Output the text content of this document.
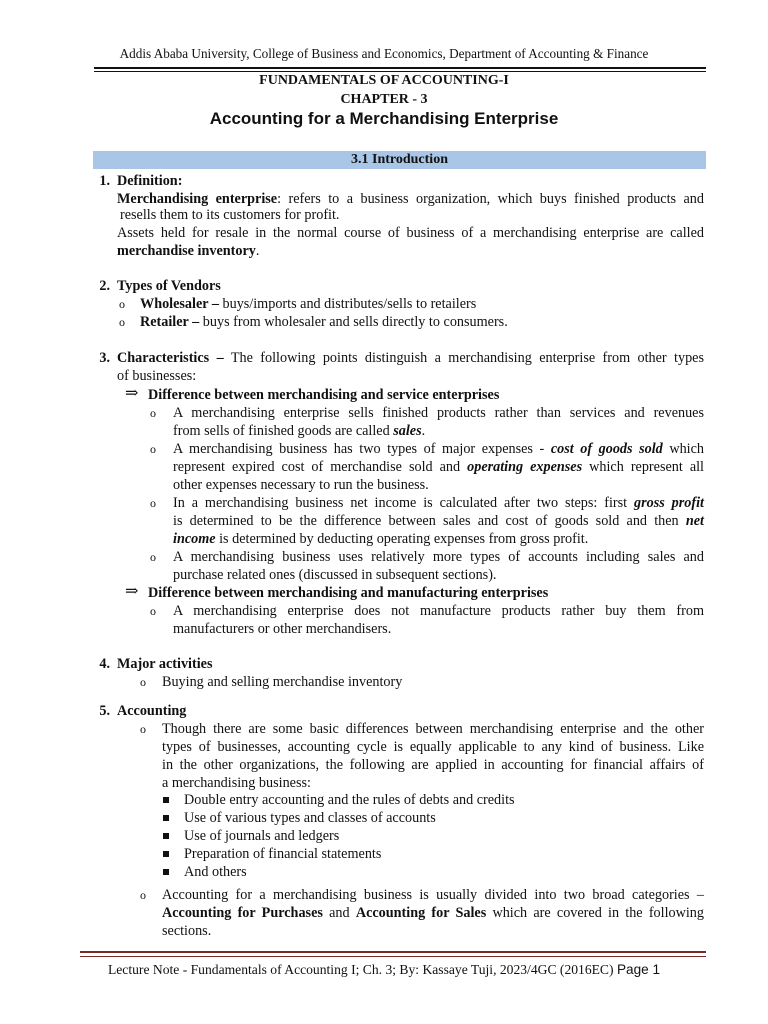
Addis Ababa University, College of Business and Economics, Department of Accounting & Finance
FUNDAMENTALS OF ACCOUNTING-I
CHAPTER - 3
Accounting for a Merchandising Enterprise
3.1 Introduction
1. Definition:
Merchandising enterprise: refers to a business organization, which buys finished products and
resells them to its customers for profit.
Assets held for resale in the normal course of business of a merchandising enterprise are called
merchandise inventory.
2. Types of Vendors
o Wholesaler – buys/imports and distributes/sells to retailers
o Retailer – buys from wholesaler and sells directly to consumers.
3. Characteristics – The following points distinguish a merchandising enterprise from other types
of businesses:
⇒ Difference between merchandising and service enterprises
o A merchandising enterprise sells finished products rather than services and revenues
from sells of finished goods are called sales.
o A merchandising business has two types of major expenses - cost of goods sold which
represent expired cost of merchandise sold and operating expenses which represent all
other expenses necessary to run the business.
o In a merchandising business net income is calculated after two steps: first gross profit
is determined to be the difference between sales and cost of goods sold and then net
income is determined by deducting operating expenses from gross profit.
o A merchandising business uses relatively more types of accounts including sales and
purchase related ones (discussed in subsequent sections).
⇒ Difference between merchandising and manufacturing enterprises
o A merchandising enterprise does not manufacture products rather buy them from
manufacturers or other merchandisers.
4. Major activities
o Buying and selling merchandise inventory
5. Accounting
o Though there are some basic differences between merchandising enterprise and the other
types of businesses, accounting cycle is equally applicable to any kind of business. Like
in the other organizations, the following are applied in accounting for financial affairs of
a merchandising business:
Double entry accounting and the rules of debts and credits
Use of various types and classes of accounts
Use of journals and ledgers
Preparation of financial statements
And others
o Accounting for a merchandising business is usually divided into two broad categories –
Accounting for Purchases and Accounting for Sales which are covered in the following
sections.
Lecture Note - Fundamentals of Accounting I; Ch. 3; By: Kassaye Tuji, 2023/4GC (2016EC) Page 1
